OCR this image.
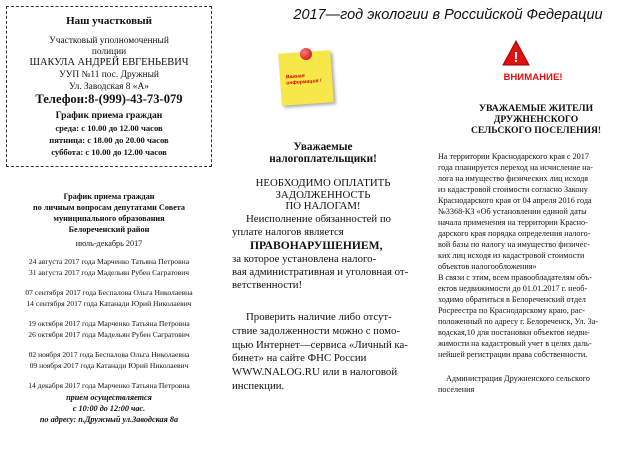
2017—год экологии в Российской Федерации
Наш участковый
Участковый уполномоченный
полиции
ШАКУЛА АНДРЕЙ ЕВГЕНЬЕВИЧ
УУП №11 пос. Дружный
Ул. Заводская 8 «А»
Телефон:8-(999)-43-73-079
График приема граждан
среда: с 10.00 до 12.00 часов
пятница: с 18.00 до 20.00 часов
суббота: с 10.00 до 12.00 часов
График приема граждан
по личным вопросам депутатами Совета
муниципального образования
Белореченский район
июль-декабрь 2017
24 августа 2017 года Марченко Татьяна Петровна
31 августа 2017 года Мадельян Рубен Сагратович
07 сентября 2017 года Беспалова Ольга Николаевна
14 сентября 2017 года Катанади Юрий Николаевич
19 октября 2017 года Марченко Татьяна Петровна
26 октября 2017 года Мадельян Рубен Сагратович
02 ноября 2017 года Беспалова Ольга Николаевна
09 ноября 2017 года Катанади Юрий Николаевич
14 декабря 2017 года Марченко Татьяна Петровна
прием осуществляется
с 10:00 до 12:00 час.
по адресу: п.Дружный ул.Заводская 8а
Важная информация !
Уважаемые
налогоплательщики!
НЕОБХОДИМО ОПЛАТИТЬ
ЗАДОЛЖЕННОСТЬ
ПО НАЛОГАМ!
Неисполнение обязанностей по
уплате налогов является
ПРАВОНАРУШЕНИЕМ,
за которое установлена налого-
вая административная и уголовная от-
ветственности!
Проверить наличие либо отсут-
ствие задолженности можно с помо-
щью Интернет—сервиса «Личный ка-
бинет» на сайте ФНС России
WWW.NALOG.RU или в налоговой
инспекции.
!
ВНИМАНИЕ!
УВАЖАЕМЫЕ ЖИТЕЛИ
ДРУЖНЕНСКОГО
СЕЛЬСКОГО ПОСЕЛЕНИЯ!
На территории Краснодарского края с 2017
года планируется переход на исчисление на-
лога на имущество физических лиц исходя
из кадастровой стоимости согласно Закону
Краснодарского края от 04 апреля 2016 года
№3368-КЗ «Об установлении единой даты
начала применения на территории Красно-
дарского края порядка определения налого-
вой базы по налогу на имущество физичес-
ких лиц исходя из кадастровой стоимости
объектов налогообложения»
В связи с этим, всем правообладателям объ-
ектов недвижимости до 01.01.2017 г. необ-
ходимо обратиться в Белореченский отдел
Росреестра по Краснодарскому краю, рас-
положенный по адресу г. Белореченск, Ул. За-
водская,10 для постановки объектов недви-
жимости на кадастровый учет в целях даль-
нейшей регистрации права собственности.
Администрация Дружненского сельского
поселения
